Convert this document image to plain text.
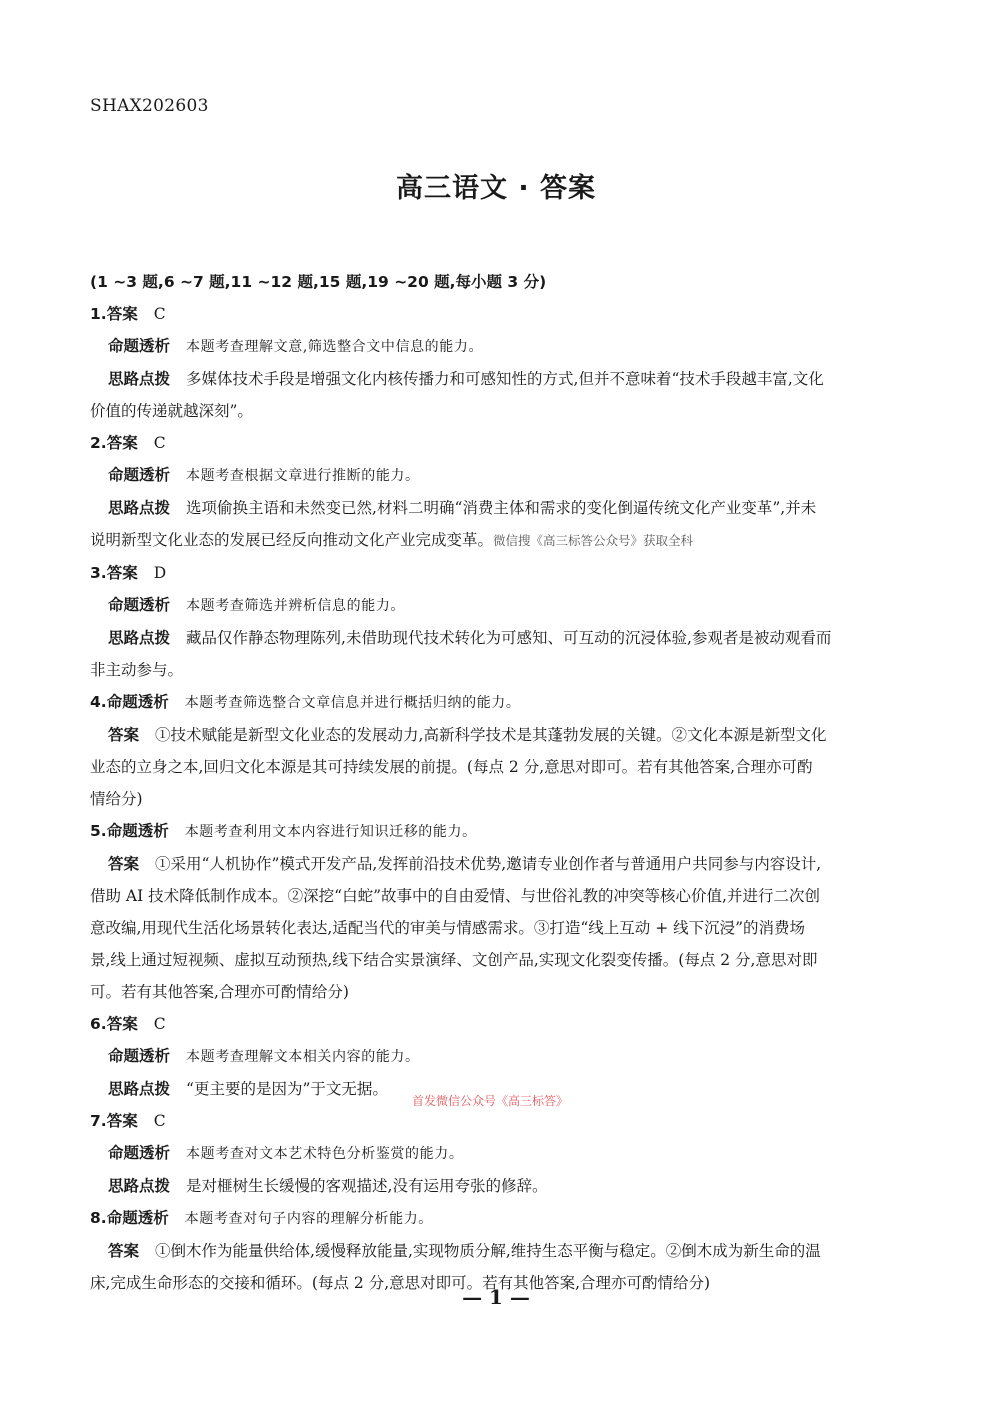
SHAX202603
高三语文 · 答案
(1 ~3 题,6 ~7 题,11 ~12 题,15 题,19 ~20 题,每小题 3 分)
1.答案 C
命题透析 本题考查理解文意,筛选整合文中信息的能力。
思路点拨 多媒体技术手段是增强文化内核传播力和可感知性的方式,但并不意味着“技术手段越丰富,文化
价值的传递就越深刻”。
2.答案 C
命题透析 本题考查根据文章进行推断的能力。
思路点拨 选项偷换主语和未然变已然,材料二明确“消费主体和需求的变化倒逼传统文化产业变革”,并未
说明新型文化业态的发展已经反向推动文化产业完成变革。微信搜《高三标答公众号》获取全科
3.答案 D
命题透析 本题考查筛选并辨析信息的能力。
思路点拨 藏品仅作静态物理陈列,未借助现代技术转化为可感知、可互动的沉浸体验,参观者是被动观看而
非主动参与。
4.命题透析 本题考查筛选整合文章信息并进行概括归纳的能力。
答案 ①技术赋能是新型文化业态的发展动力,高新科学技术是其蓬勃发展的关键。②文化本源是新型文化
业态的立身之本,回归文化本源是其可持续发展的前提。(每点 2 分,意思对即可。若有其他答案,合理亦可酌
情给分)
5.命题透析 本题考查利用文本内容进行知识迁移的能力。
答案 ①采用“人机协作”模式开发产品,发挥前沿技术优势,邀请专业创作者与普通用户共同参与内容设计,
借助 AI 技术降低制作成本。②深挖“白蛇”故事中的自由爱情、与世俗礼教的冲突等核心价值,并进行二次创
意改编,用现代生活化场景转化表达,适配当代的审美与情感需求。③打造“线上互动 + 线下沉浸”的消费场
景,线上通过短视频、虚拟互动预热,线下结合实景演绎、文创产品,实现文化裂变传播。(每点 2 分,意思对即
可。若有其他答案,合理亦可酌情给分)
6.答案 C
命题透析 本题考查理解文本相关内容的能力。
思路点拨 “更主要的是因为”于文无据。
首发微信公众号《高三标答》
7.答案 C
命题透析 本题考查对文本艺术特色分析鉴赏的能力。
思路点拨 是对榧树生长缓慢的客观描述,没有运用夸张的修辞。
8.命题透析 本题考查对句子内容的理解分析能力。
答案 ①倒木作为能量供给体,缓慢释放能量,实现物质分解,维持生态平衡与稳定。②倒木成为新生命的温
床,完成生命形态的交接和循环。(每点 2 分,意思对即可。若有其他答案,合理亦可酌情给分)
— 1 —
